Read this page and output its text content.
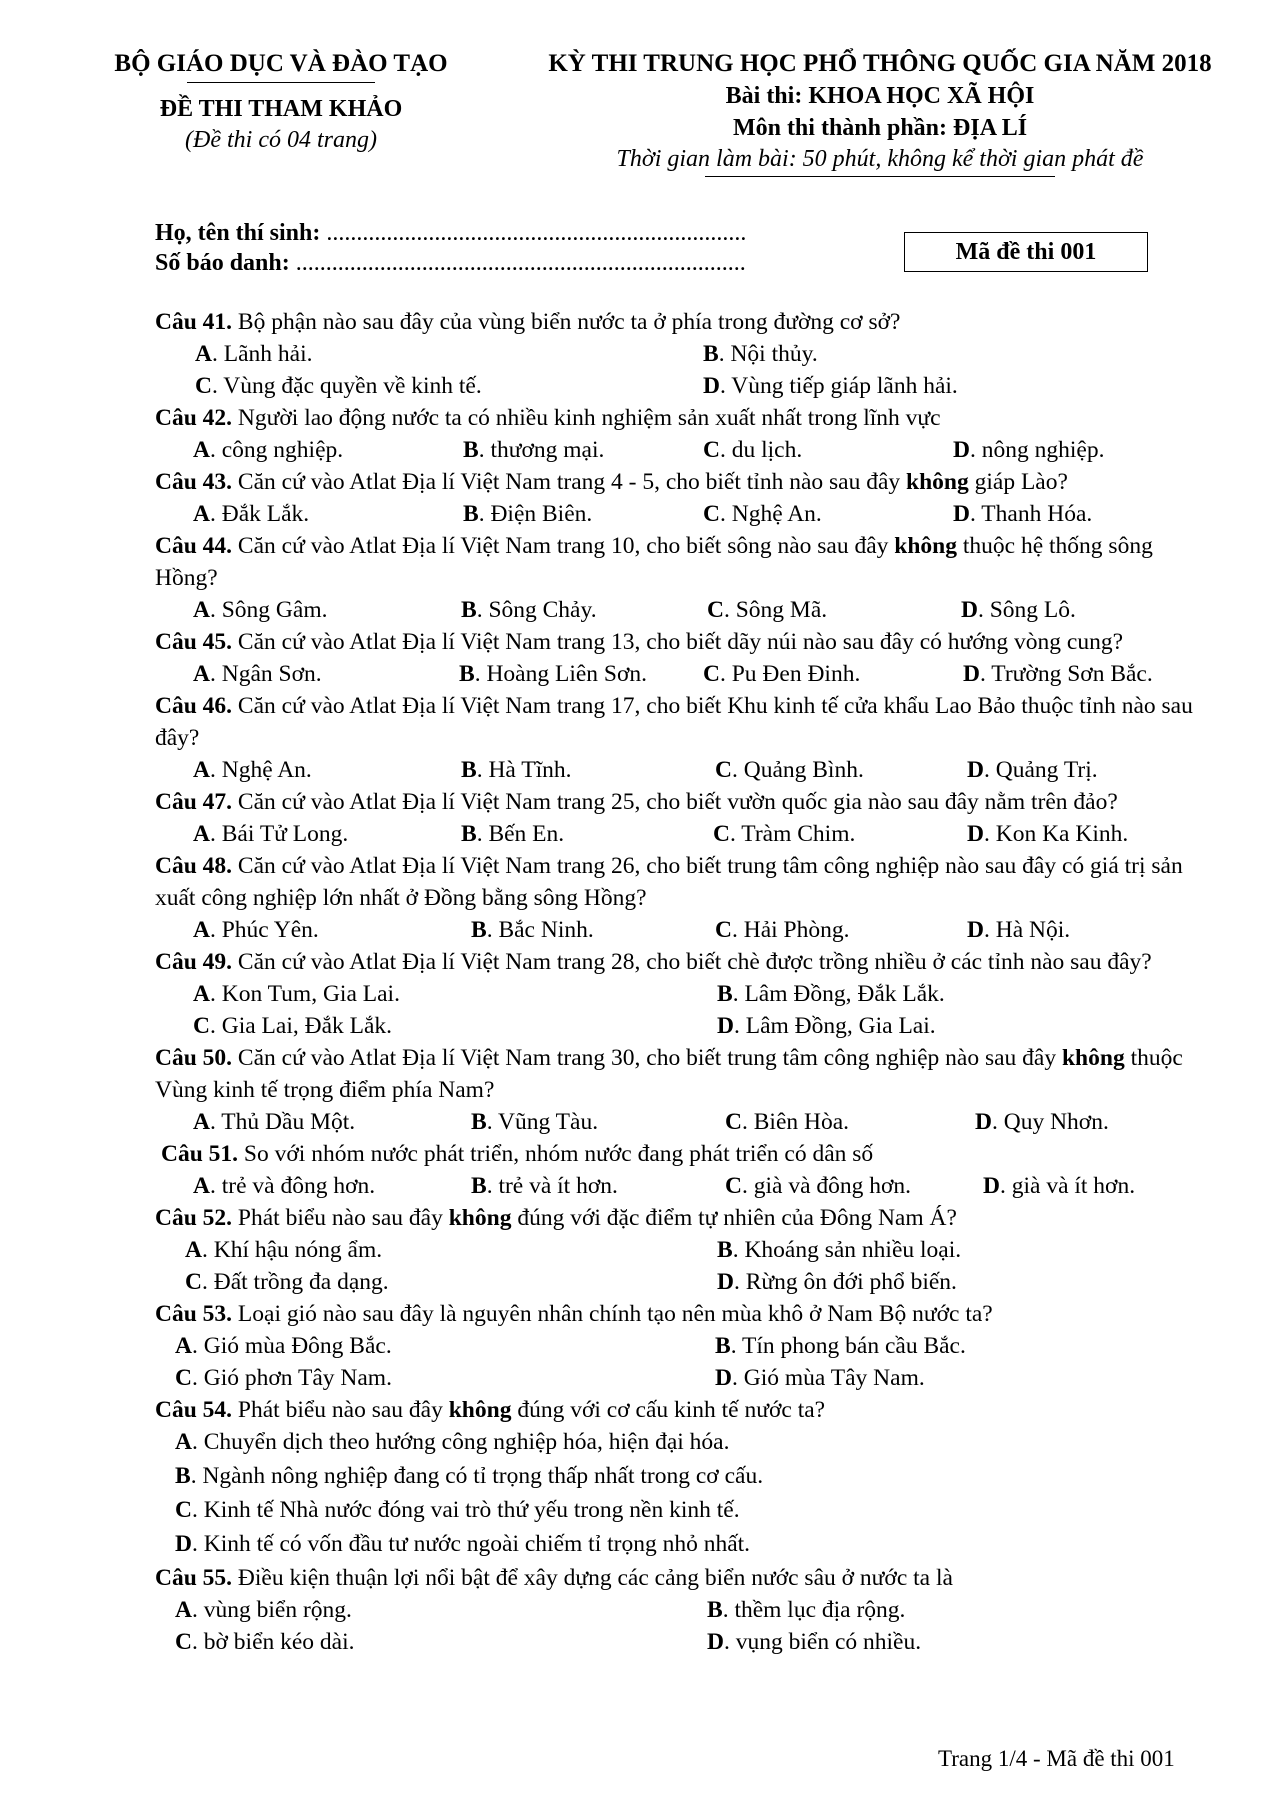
BỘ GIÁO DỤC VÀ ĐÀO TẠO
ĐỀ THI THAM KHẢO
(Đề thi có 04 trang)
KỲ THI TRUNG HỌC PHỔ THÔNG QUỐC GIA NĂM 2018
Bài thi: KHOA HỌC XÃ HỘI
Môn thi thành phần: ĐỊA LÍ
Thời gian làm bài: 50 phút, không kể thời gian phát đề
Họ, tên thí sinh: ......................................................................
Số báo danh: ...........................................................................	Mã đề thi 001
Câu 41. Bộ phận nào sau đây của vùng biển nước ta ở phía trong đường cơ sở?
A. Lãnh hải.	B. Nội thủy.
C. Vùng đặc quyền về kinh tế.	D. Vùng tiếp giáp lãnh hải.
Câu 42. Người lao động nước ta có nhiều kinh nghiệm sản xuất nhất trong lĩnh vực
A. công nghiệp.	B. thương mại.	C. du lịch.	D. nông nghiệp.
Câu 43. Căn cứ vào Atlat Địa lí Việt Nam trang 4 - 5, cho biết tỉnh nào sau đây không giáp Lào?
A. Đắk Lắk.	B. Điện Biên.	C. Nghệ An.	D. Thanh Hóa.
Câu 44. Căn cứ vào Atlat Địa lí Việt Nam trang 10, cho biết sông nào sau đây không thuộc hệ thống sông Hồng?
A. Sông Gâm.	B. Sông Chảy.	C. Sông Mã.	D. Sông Lô.
Câu 45. Căn cứ vào Atlat Địa lí Việt Nam trang 13, cho biết dãy núi nào sau đây có hướng vòng cung?
A. Ngân Sơn.	B. Hoàng Liên Sơn. C. Pu Đen Đinh.	D. Trường Sơn Bắc.
Câu 46. Căn cứ vào Atlat Địa lí Việt Nam trang 17, cho biết Khu kinh tế cửa khẩu Lao Bảo thuộc tỉnh nào sau đây?
A. Nghệ An.	B. Hà Tĩnh.	C. Quảng Bình.	D. Quảng Trị.
Câu 47. Căn cứ vào Atlat Địa lí Việt Nam trang 25, cho biết vườn quốc gia nào sau đây nằm trên đảo?
A. Bái Tử Long.	B. Bến En.	C. Tràm Chim.	D. Kon Ka Kinh.
Câu 48. Căn cứ vào Atlat Địa lí Việt Nam trang 26, cho biết trung tâm công nghiệp nào sau đây có giá trị sản xuất công nghiệp lớn nhất ở Đồng bằng sông Hồng?
A. Phúc Yên.	B. Bắc Ninh.	C. Hải Phòng.	D. Hà Nội.
Câu 49. Căn cứ vào Atlat Địa lí Việt Nam trang 28, cho biết chè được trồng nhiều ở các tỉnh nào sau đây?
A. Kon Tum, Gia Lai.	B. Lâm Đồng, Đắk Lắk.
C. Gia Lai, Đắk Lắk.	D. Lâm Đồng, Gia Lai.
Câu 50. Căn cứ vào Atlat Địa lí Việt Nam trang 30, cho biết trung tâm công nghiệp nào sau đây không thuộc Vùng kinh tế trọng điểm phía Nam?
A. Thủ Dầu Một.	B. Vũng Tàu.	C. Biên Hòa.	D. Quy Nhơn.
Câu 51. So với nhóm nước phát triển, nhóm nước đang phát triển có dân số
A. trẻ và đông hơn.	B. trẻ và ít hơn.	C. già và đông hơn.	D. già và ít hơn.
Câu 52. Phát biểu nào sau đây không đúng với đặc điểm tự nhiên của Đông Nam Á?
A. Khí hậu nóng ẩm.	B. Khoáng sản nhiều loại.
C. Đất trồng đa dạng.	D. Rừng ôn đới phổ biến.
Câu 53. Loại gió nào sau đây là nguyên nhân chính tạo nên mùa khô ở Nam Bộ nước ta?
A. Gió mùa Đông Bắc.	B. Tín phong bán cầu Bắc.
C. Gió phơn Tây Nam.	D. Gió mùa Tây Nam.
Câu 54. Phát biểu nào sau đây không đúng với cơ cấu kinh tế nước ta?
A. Chuyển dịch theo hướng công nghiệp hóa, hiện đại hóa.
B. Ngành nông nghiệp đang có tỉ trọng thấp nhất trong cơ cấu.
C. Kinh tế Nhà nước đóng vai trò thứ yếu trong nền kinh tế.
D. Kinh tế có vốn đầu tư nước ngoài chiếm tỉ trọng nhỏ nhất.
Câu 55. Điều kiện thuận lợi nổi bật để xây dựng các cảng biển nước sâu ở nước ta là
A. vùng biển rộng.	B. thềm lục địa rộng.
C. bờ biển kéo dài.	D. vụng biển có nhiều.
Trang 1/4 - Mã đề thi 001
